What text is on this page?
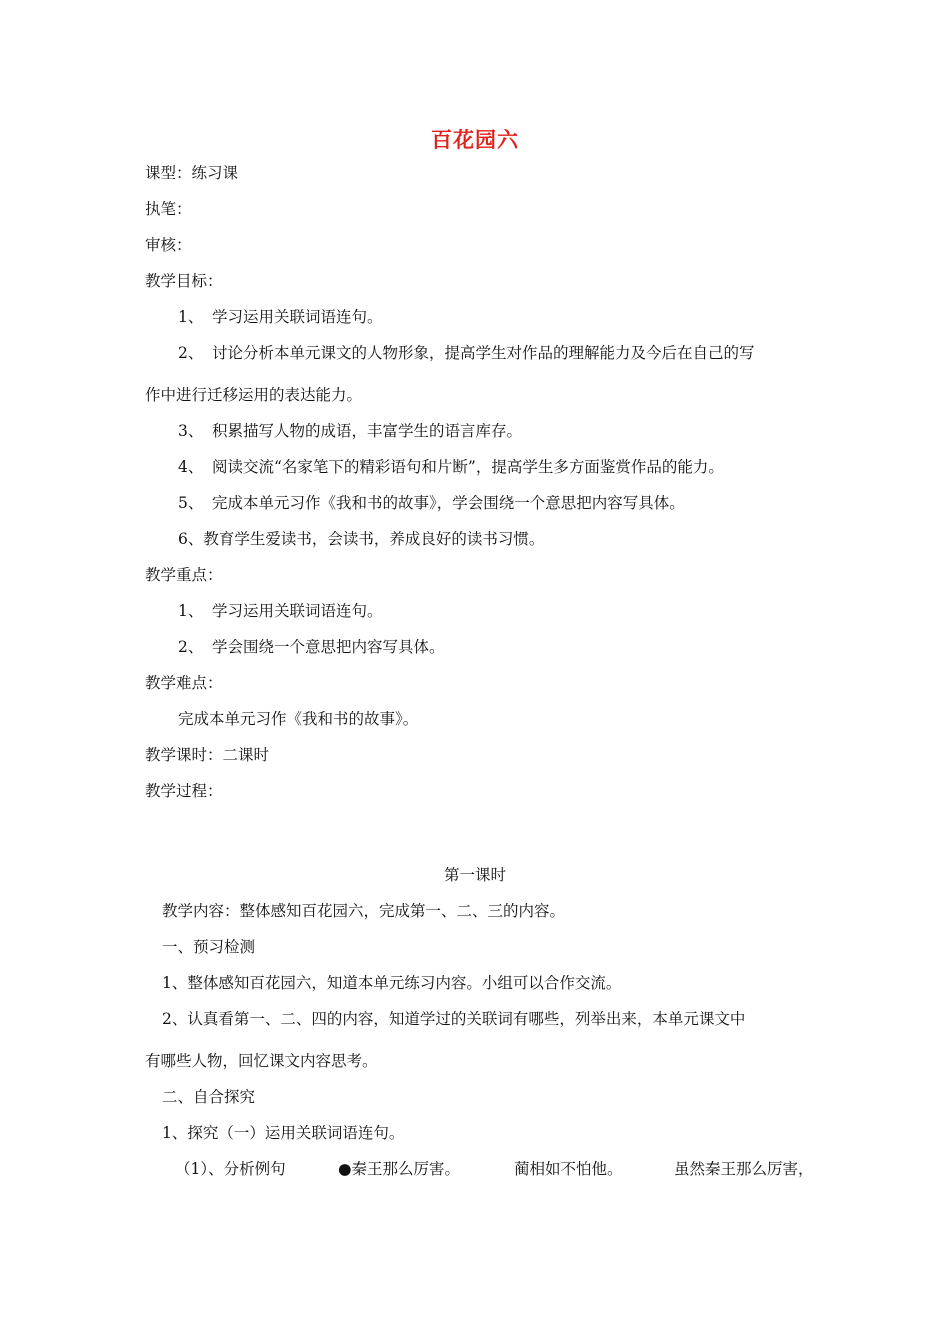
百花园六
课型：练习课
执笔：
审核：
教学目标：
1、 学习运用关联词语连句。
2、 讨论分析本单元课文的人物形象，提高学生对作品的理解能力及今后在自己的写
作中进行迁移运用的表达能力。
3、 积累描写人物的成语，丰富学生的语言库存。
4、 阅读交流“名家笔下的精彩语句和片断”，提高学生多方面鉴赏作品的能力。
5、 完成本单元习作《我和书的故事》，学会围绕一个意思把内容写具体。
6、教育学生爱读书，会读书，养成良好的读书习惯。
教学重点：
1、 学习运用关联词语连句。
2、 学会围绕一个意思把内容写具体。
教学难点：
完成本单元习作《我和书的故事》。
教学课时：二课时
教学过程：
第一课时
教学内容：整体感知百花园六，完成第一、二、三的内容。
一、预习检测
1、整体感知百花园六，知道本单元练习内容。小组可以合作交流。
2、认真看第一、二、四的内容，知道学过的关联词有哪些，列举出来，本单元课文中
有哪些人物，回忆课文内容思考。
二、自合探究
1、探究（一）运用关联词语连句。
（1）、分析例句	●秦王那么厉害。	蔺相如不怕他。	虽然秦王那么厉害，
